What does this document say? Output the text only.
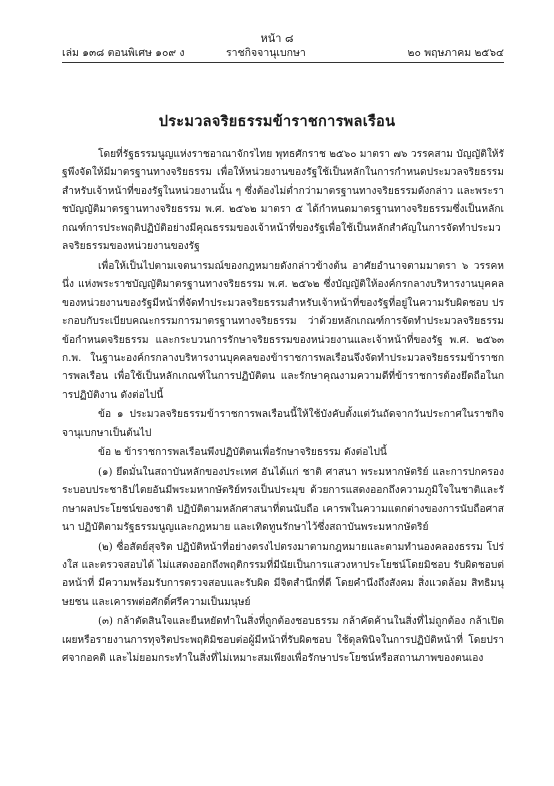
หน้า ๘
เล่ม ๑๓๘ ตอนพิเศษ ๑๐๙ ง	ราชกิจจานุเบกษา	๒๐ พฤษภาคม ๒๕๖๔
ประมวลจริยธรรมข้าราชการพลเรือน

โดยที่รัฐธรรมนูญแห่งราชอาณาจักรไทย พุทธศักราช ๒๕๖๐ มาตรา ๗๖ วรรคสาม บัญญัติให้รัฐพึงจัดให้มีมาตรฐานทางจริยธรรม เพื่อให้หน่วยงานของรัฐใช้เป็นหลักในการกำหนดประมวลจริยธรรมสำหรับเจ้าหน้าที่ของรัฐในหน่วยงานนั้น ๆ ซึ่งต้องไม่ต่ำกว่ามาตรฐานทางจริยธรรมดังกล่าว และพระราชบัญญัติมาตรฐานทางจริยธรรม พ.ศ. ๒๕๖๒ มาตรา ๕ ได้กำหนดมาตรฐานทางจริยธรรมซึ่งเป็นหลักเกณฑ์การประพฤติปฏิบัติอย่างมีคุณธรรมของเจ้าหน้าที่ของรัฐเพื่อใช้เป็นหลักสำคัญในการจัดทำประมวลจริยธรรมของหน่วยงานของรัฐ

เพื่อให้เป็นไปตามเจตนารมณ์ของกฎหมายดังกล่าวข้างต้น อาศัยอำนาจตามมาตรา ๖ วรรคหนึ่ง แห่งพระราชบัญญัติมาตรฐานทางจริยธรรม พ.ศ. ๒๕๖๒ ซึ่งบัญญัติให้องค์กรกลางบริหารงานบุคคลของหน่วยงานของรัฐมีหน้าที่จัดทำประมวลจริยธรรมสำหรับเจ้าหน้าที่ของรัฐที่อยู่ในความรับผิดชอบ ประกอบกับระเบียบคณะกรรมการมาตรฐานทางจริยธรรม ว่าด้วยหลักเกณฑ์การจัดทำประมวลจริยธรรม ข้อกำหนดจริยธรรม และกระบวนการรักษาจริยธรรมของหน่วยงานและเจ้าหน้าที่ของรัฐ พ.ศ. ๒๕๖๓ ก.พ. ในฐานะองค์กรกลางบริหารงานบุคคลของข้าราชการพลเรือนจึงจัดทำประมวลจริยธรรมข้าราชการพลเรือน เพื่อใช้เป็นหลักเกณฑ์ในการปฏิบัติตน และรักษาคุณงามความดีที่ข้าราชการต้องยึดถือในการปฏิบัติงาน ดังต่อไปนี้

ข้อ ๑ ประมวลจริยธรรมข้าราชการพลเรือนนี้ให้ใช้บังคับตั้งแต่วันถัดจากวันประกาศในราชกิจจานุเบกษาเป็นต้นไป

ข้อ ๒ ข้าราชการพลเรือนพึงปฏิบัติตนเพื่อรักษาจริยธรรม ดังต่อไปนี้

(๑) ยึดมั่นในสถาบันหลักของประเทศ อันได้แก่ ชาติ ศาสนา พระมหากษัตริย์ และการปกครองระบอบประชาธิปไตยอันมีพระมหากษัตริย์ทรงเป็นประมุข ด้วยการแสดงออกถึงความภูมิใจในชาติและรักษาผลประโยชน์ของชาติ ปฏิบัติตามหลักศาสนาที่ตนนับถือ เคารพในความแตกต่างของการนับถือศาสนา ปฏิบัติตามรัฐธรรมนูญและกฎหมาย และเทิดทูนรักษาไว้ซึ่งสถาบันพระมหากษัตริย์

(๒) ซื่อสัตย์สุจริต ปฏิบัติหน้าที่อย่างตรงไปตรงมาตามกฎหมายและตามทำนองคลองธรรม โปร่งใส และตรวจสอบได้ ไม่แสดงออกถึงพฤติกรรมที่มีนัยเป็นการแสวงหาประโยชน์โดยมิชอบ รับผิดชอบต่อหน้าที่ มีความพร้อมรับการตรวจสอบและรับผิด มีจิตสำนึกที่ดี โดยคำนึงถึงสังคม สิ่งแวดล้อม สิทธิมนุษยชน และเคารพต่อศักดิ์ศรีความเป็นมนุษย์

(๓) กล้าตัดสินใจและยืนหยัดทำในสิ่งที่ถูกต้องชอบธรรม กล้าคัดค้านในสิ่งที่ไม่ถูกต้อง กล้าเปิดเผยหรือรายงานการทุจริตประพฤติมิชอบต่อผู้มีหน้าที่รับผิดชอบ ใช้ดุลพินิจในการปฏิบัติหน้าที่ โดยปราศจากอคติ และไม่ยอมกระทำในสิ่งที่ไม่เหมาะสมเพียงเพื่อรักษาประโยชน์หรือสถานภาพของตนเอง
